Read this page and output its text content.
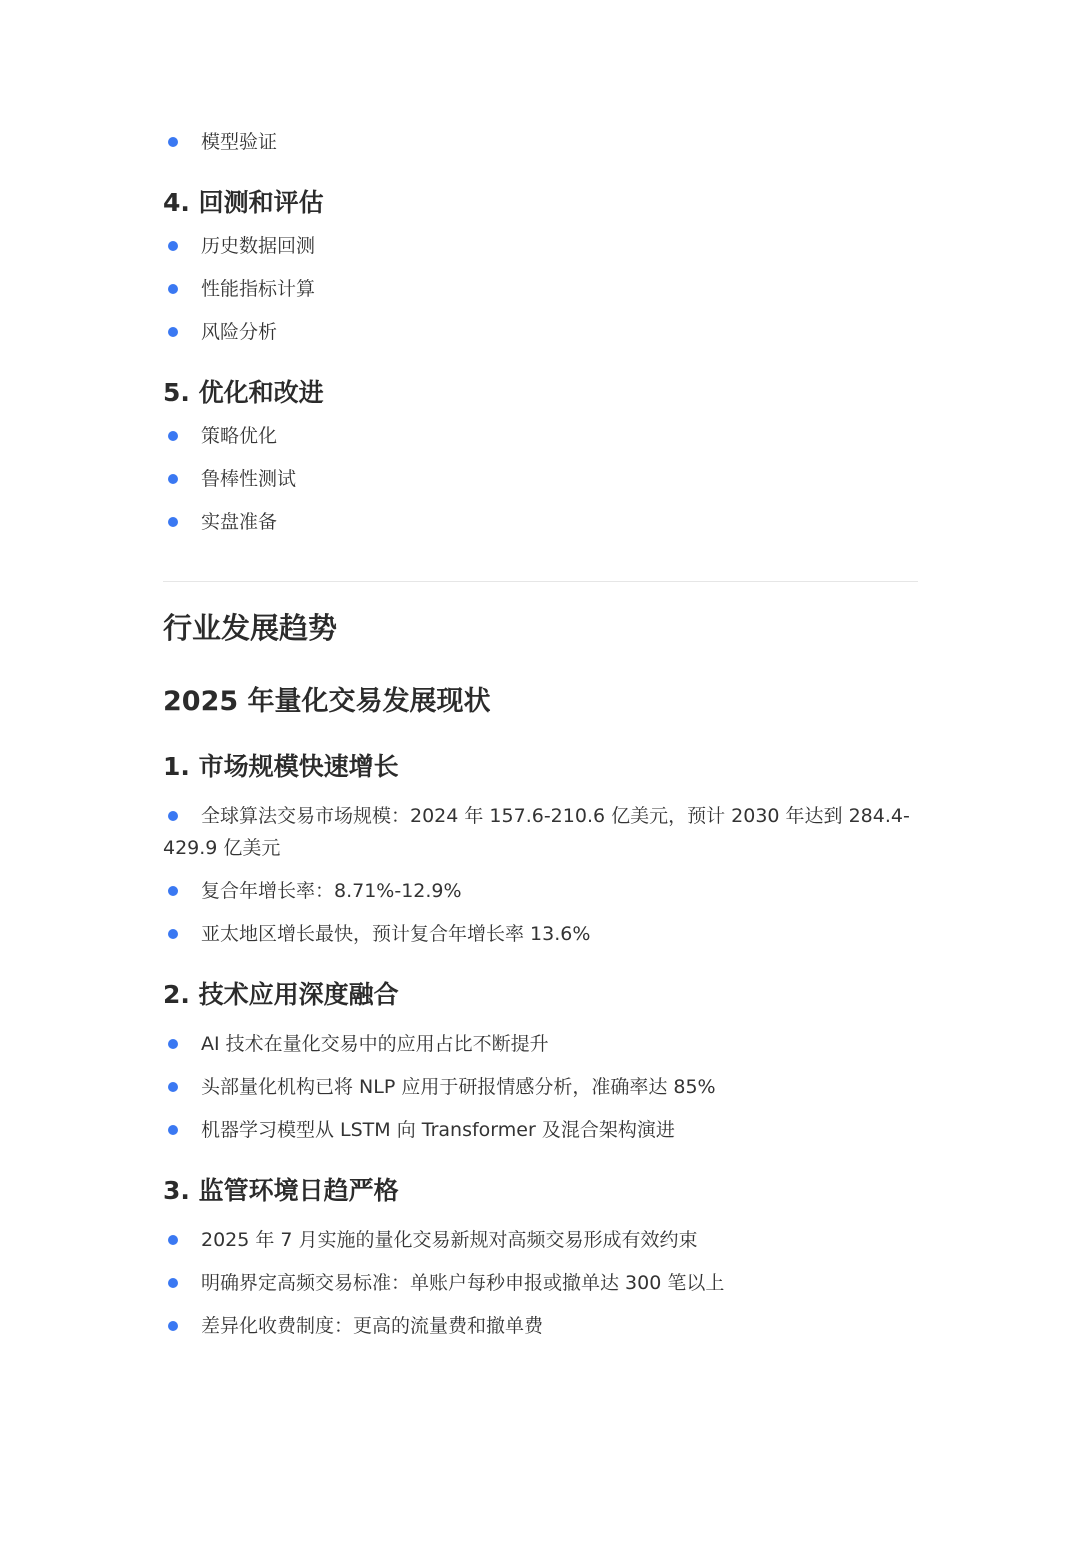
模型验证

4. 回测和评估

历史数据回测

性能指标计算

风险分析

5. 优化和改进

策略优化

鲁棒性测试

实盘准备

行业发展趋势
2025 年量化交易发展现状
1. 市场规模快速增长

全球算法交易市场规模：2024 年 157.6-210.6 亿美元，预计 2030 年达到 284.4-429.9 亿美元

复合年增长率：8.71%-12.9%

亚太地区增长最快，预计复合年增长率 13.6%

2. 技术应用深度融合

AI 技术在量化交易中的应用占比不断提升

头部量化机构已将 NLP 应用于研报情感分析，准确率达 85%

机器学习模型从 LSTM 向 Transformer 及混合架构演进

3. 监管环境日趋严格

2025 年 7 月实施的量化交易新规对高频交易形成有效约束

明确界定高频交易标准：单账户每秒申报或撤单达 300 笔以上

差异化收费制度：更高的流量费和撤单费
